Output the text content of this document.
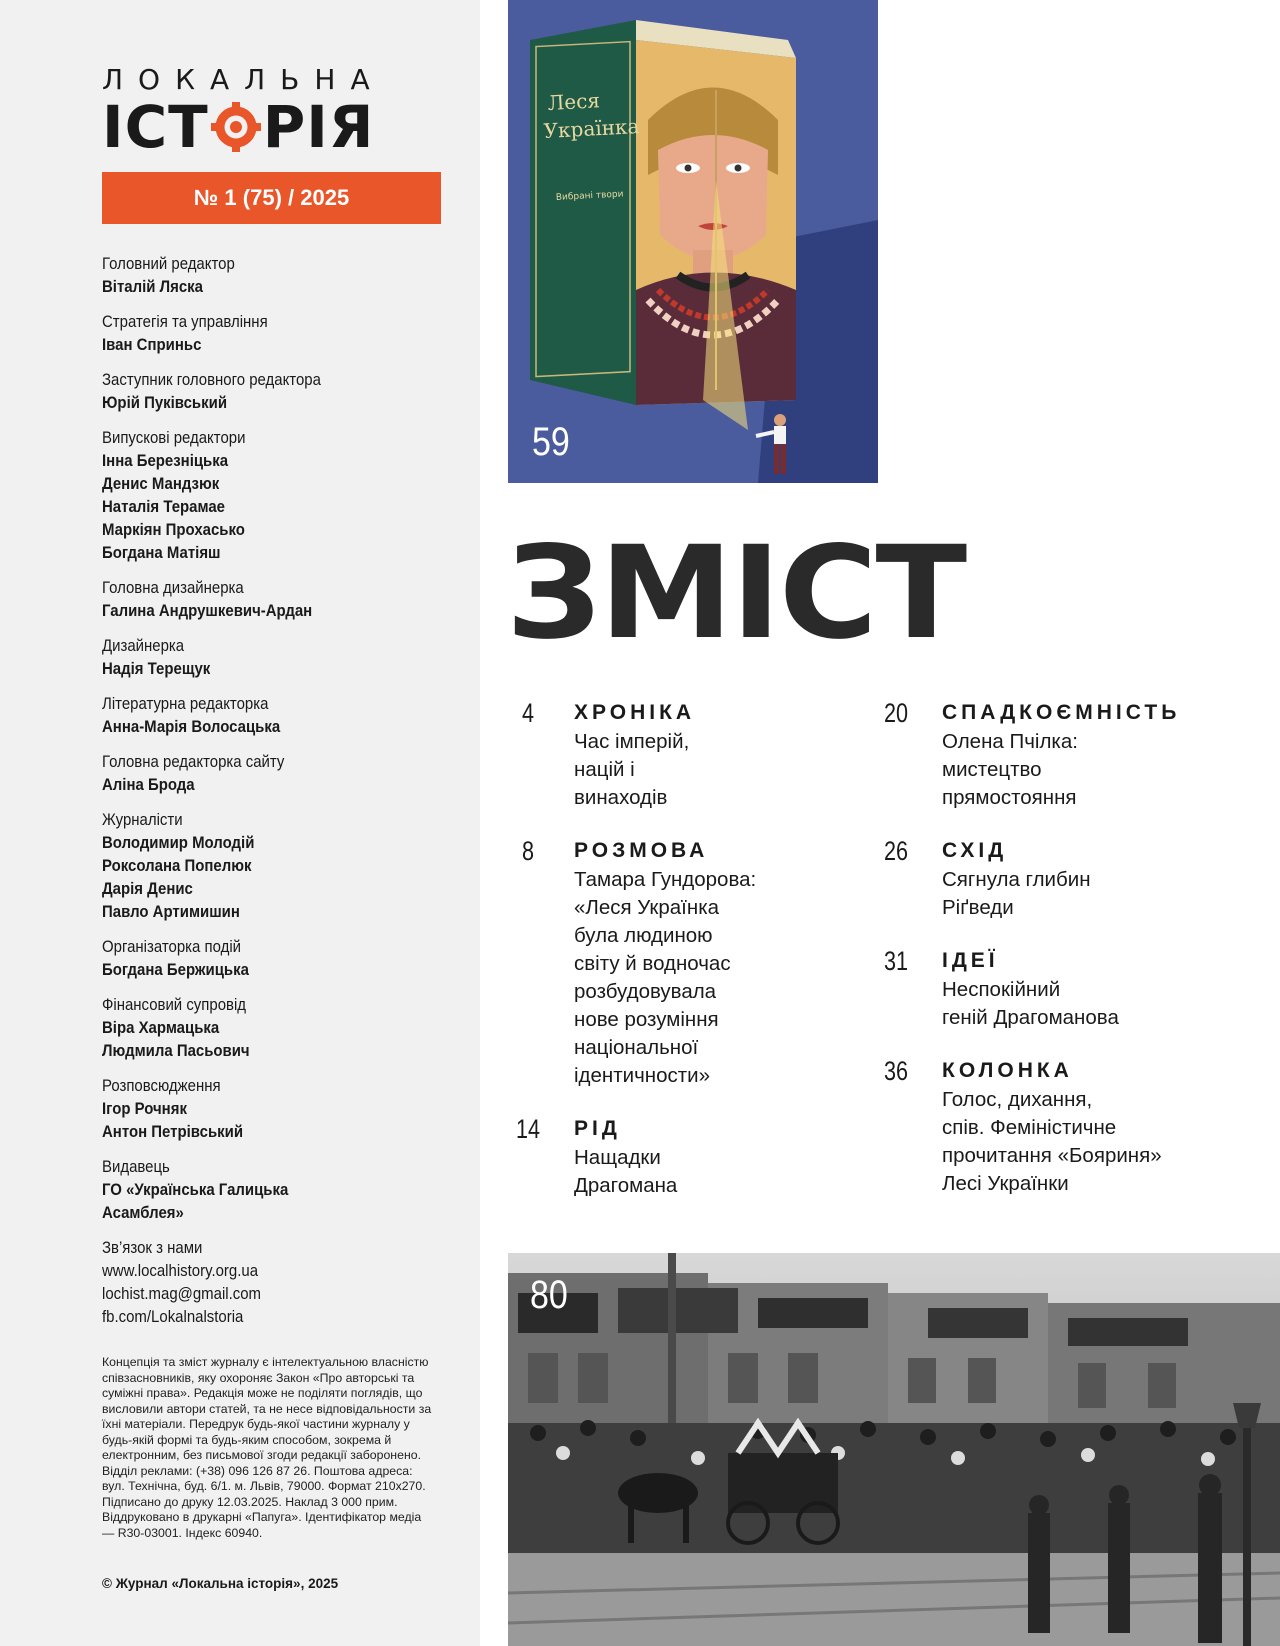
ЛОКАЛЬНА
ІСТ РІЯ
№ 1 (75) / 2025
Головний редактор
Віталій Ляска
Стратегія та управління
Іван Сприньс
Заступник головного редактора
Юрій Пуківський
Випускові редактори
Інна Березніцька
Денис Мандзюк
Наталія Терамае
Маркіян Прохасько
Богдана Матіяш
Головна дизайнерка
Галина Андрушкевич-Ардан
Дизайнерка
Надія Терещук
Літературна редакторка
Анна-Марія Волосацька
Головна редакторка сайту
Аліна Брода
Журналісти
Володимир Молодій
Роксолана Попелюк
Дарія Денис
Павло Артимишин
Організаторка подій
Богдана Бержицька
Фінансовий супровід
Віра Хармацька
Людмила Пасьович
Розповсюдження
Ігор Рочняк
Антон Петрівський
Видавець
ГО «Українська Галицька
Асамблея»
Зв’язок з нами
www.localhistory.org.ua
lochist.mag@gmail.com
fb.com/Lokalnalstoria
Концепція та зміст журналу є інтелектуальною власністю співзасновників, яку охороняє Закон «Про авторські та суміжні права». Редакція може не поділяти поглядів, що висловили автори статей, та не несе відповідальности за їхні матеріали. Передрук будь-якої частини журналу у будь-якій формі та будь-яким способом, зокрема й електронним, без письмової згоди редакції заборонено. Відділ реклами: (+38) 096 126 87 26. Поштова адреса: вул. Технічна, буд. 6/1. м. Львів, 79000. Формат 210х270. Підписано до друку 12.03.2025. Наклад 3 000 прим. Віддруковано в друкарні «Папуга». Ідентифікатор медіа — R30-03001. Індекс 60940.
© Журнал «Локальна історія», 2025
Леся
Українка
Вибрані твори
59
ЗМІСТ
4	ХРОНІКА
Час імперій,
націй і
винаходів
8	РОЗМОВА
Тамара Гундорова:
«Леся Українка
була людиною
світу й водночас
розбудовувала
нове розуміння
національної
ідентичности»
14 РІД
Нащадки
Драгомана
20 СПАДКОЄМНІСТЬ
Олена Пчілка:
мистецтво
прямостояння
26 СХІД
Сягнула глибин
Ріґведи
31 ІДЕЇ
Неспокійний
геній Драгоманова
36 КОЛОНКА
Голос, дихання,
спів. Феміністичне
прочитання «Бояриня»
Лесі Українки
80
